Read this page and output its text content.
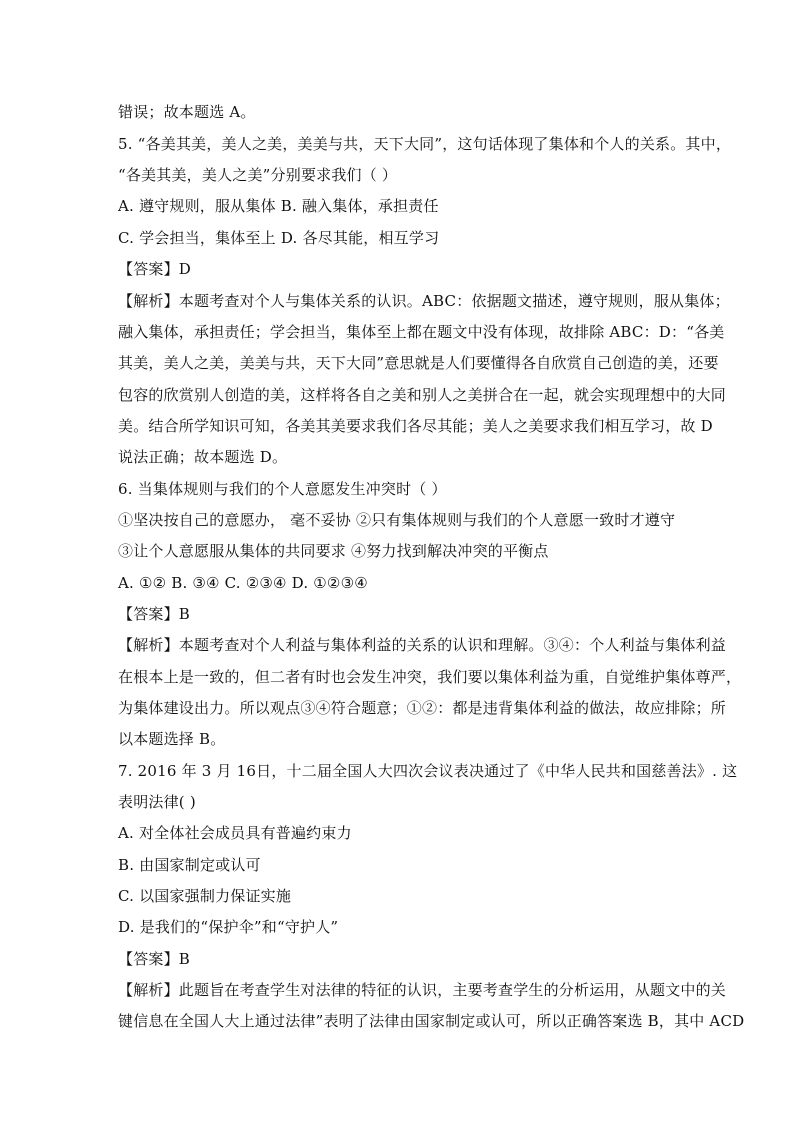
错误；故本题选 A。
5. “各美其美，美人之美，美美与共，天下大同”，这句话体现了集体和个人的关系。其中，
“各美其美，美人之美”分别要求我们（ ）
A. 遵守规则，服从集体 B. 融入集体，承担责任
C. 学会担当，集体至上 D. 各尽其能，相互学习
【答案】D
【解析】本题考查对个人与集体关系的认识。ABC：依据题文描述，遵守规则，服从集体；
融入集体，承担责任；学会担当，集体至上都在题文中没有体现，故排除 ABC：D：“各美
其美，美人之美，美美与共，天下大同”意思就是人们要懂得各自欣赏自己创造的美，还要
包容的欣赏别人创造的美，这样将各自之美和别人之美拼合在一起，就会实现理想中的大同
美。结合所学知识可知，各美其美要求我们各尽其能；美人之美要求我们相互学习，故 D
说法正确；故本题选 D。
6. 当集体规则与我们的个人意愿发生冲突时（ ）
①坚决按自己的意愿办， 毫不妥协 ②只有集体规则与我们的个人意愿一致时才遵守
③让个人意愿服从集体的共同要求 ④努力找到解决冲突的平衡点
A. ①② B. ③④ C. ②③④ D. ①②③④
【答案】B
【解析】本题考查对个人利益与集体利益的关系的认识和理解。③④：个人利益与集体利益
在根本上是一致的，但二者有时也会发生冲突，我们要以集体利益为重，自觉维护集体尊严，
为集体建设出力。所以观点③④符合题意；①②：都是违背集体利益的做法，故应排除；所
以本题选择 B。
7. 2016 年 3 月 16日，十二届全国人大四次会议表决通过了《中华人民共和国慈善法》. 这
表明法律( )
A. 对全体社会成员具有普遍约束力
B. 由国家制定或认可
C. 以国家强制力保证实施
D. 是我们的“保护伞”和“守护人”
【答案】B
【解析】此题旨在考查学生对法律的特征的认识，主要考查学生的分析运用，从题文中的关
键信息在全国人大上通过法律”表明了法律由国家制定或认可，所以正确答案选 B，其中 ACD
